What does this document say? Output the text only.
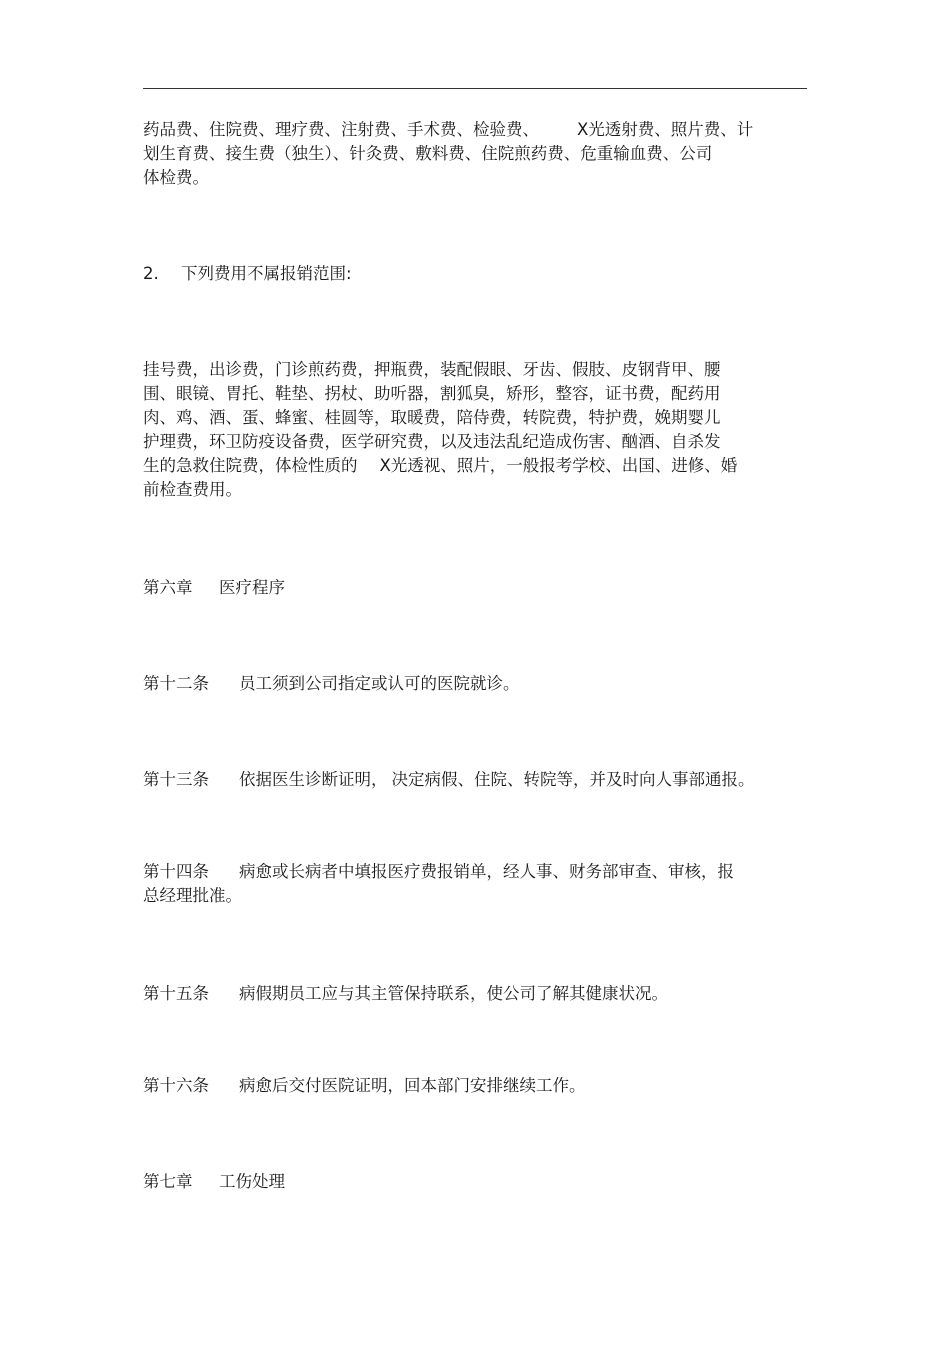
药品费、住院费、理疗费、注射费、手术费、检验费、 X光透射费、照片费、计
划生育费、接生费（独生）、针灸费、敷料费、住院煎药费、危重输血费、公司
体检费。
2. 下列费用不属报销范围:
挂号费，出诊费，门诊煎药费，押瓶费，装配假眼、牙齿、假肢、皮钢背甲、腰
围、眼镜、胃托、鞋垫、拐杖、助听器，割狐臭，矫形，整容，证书费，配药用
肉、鸡、酒、蛋、蜂蜜、桂圆等，取暖费，陪侍费，转院费，特护费，娩期婴儿
护理费，环卫防疫设备费，医学研究费，以及违法乱纪造成伤害、酗酒、自杀发
生的急救住院费，体检性质的 X光透视、照片，一般报考学校、出国、进修、婚
前检查费用。
第六章 医疗程序
第十二条 员工须到公司指定或认可的医院就诊。
第十三条 依据医生诊断证明， 决定病假、住院、转院等，并及时向人事部通报。
第十四条 病愈或长病者中填报医疗费报销单，经人事、财务部审查、审核，报
总经理批准。
第十五条 病假期员工应与其主管保持联系，使公司了解其健康状况。
第十六条 病愈后交付医院证明，回本部门安排继续工作。
第七章 工伤处理
